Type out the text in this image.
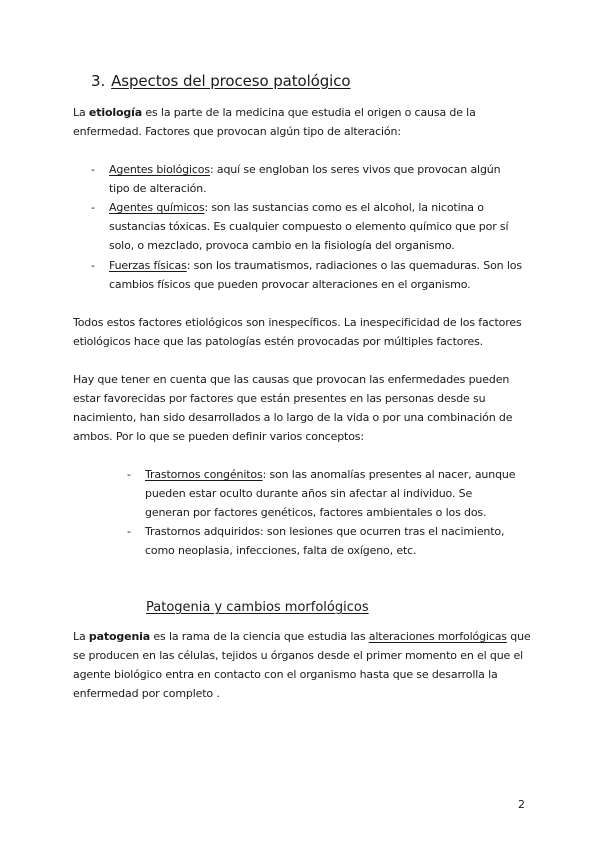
3. Aspectos del proceso patológico
La etiología es la parte de la medicina que estudia el origen o causa de la enfermedad. Factores que provocan algún tipo de alteración:
- Agentes biológicos: aquí se engloban los seres vivos que provocan algún tipo de alteración.
- Agentes químicos: son las sustancias como es el alcohol, la nicotina o sustancias tóxicas. Es cualquier compuesto o elemento químico que por sí solo, o mezclado, provoca cambio en la fisiología del organismo.
- Fuerzas físicas: son los traumatismos, radiaciones o las quemaduras. Son los cambios físicos que pueden provocar alteraciones en el organismo.
Todos estos factores etiológicos son inespecíficos. La inespecificidad de los factores etiológicos hace que las patologías estén provocadas por múltiples factores.
Hay que tener en cuenta que las causas que provocan las enfermedades pueden estar favorecidas por factores que están presentes en las personas desde su nacimiento, han sido desarrollados a lo largo de la vida o por una combinación de ambos. Por lo que se pueden definir varios conceptos:
- Trastornos congénitos: son las anomalías presentes al nacer, aunque pueden estar oculto durante años sin afectar al individuo. Se generan por factores genéticos, factores ambientales o los dos.
- Trastornos adquiridos: son lesiones que ocurren tras el nacimiento, como neoplasia, infecciones, falta de oxígeno, etc.
Patogenia y cambios morfológicos
La patogenia es la rama de la ciencia que estudia las alteraciones morfológicas que se producen en las células, tejidos u órganos desde el primer momento en el que el agente biológico entra en contacto con el organismo hasta que se desarrolla la enfermedad por completo .
2
